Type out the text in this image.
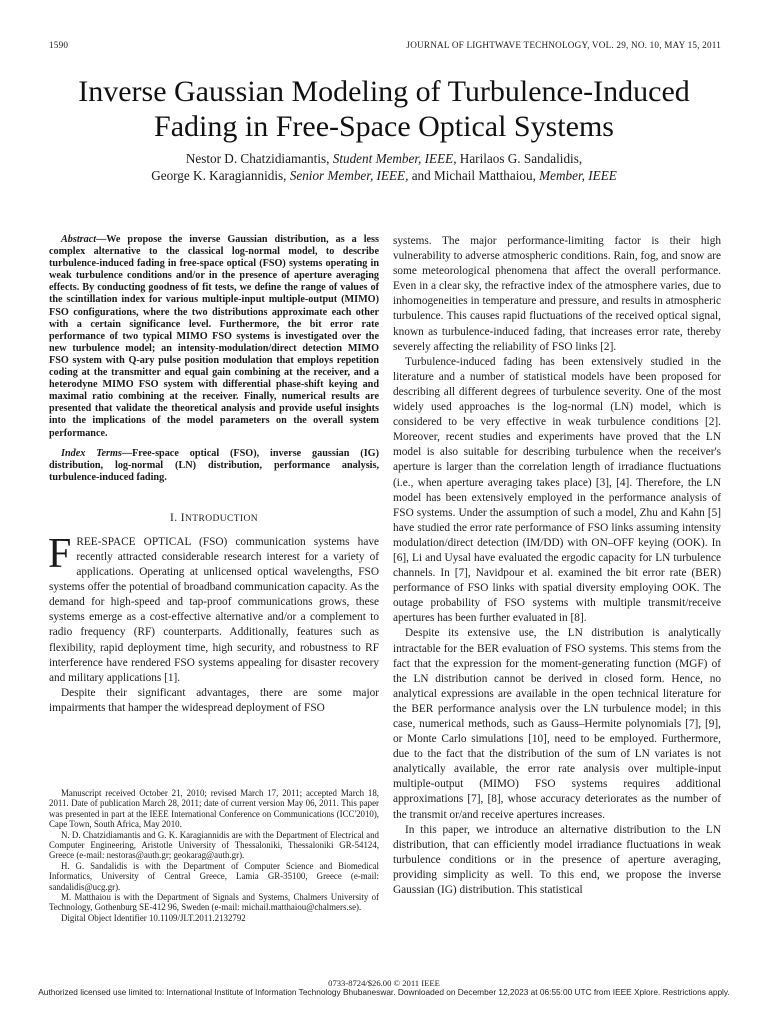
1590	JOURNAL OF LIGHTWAVE TECHNOLOGY, VOL. 29, NO. 10, MAY 15, 2011
Inverse Gaussian Modeling of Turbulence-Induced
Fading in Free-Space Optical Systems
Nestor D. Chatzidiamantis, Student Member, IEEE, Harilaos G. Sandalidis,
George K. Karagiannidis, Senior Member, IEEE, and Michail Matthaiou, Member, IEEE

Abstract—We propose the inverse Gaussian distribution, as a less complex alternative to the classical log-normal model, to describe turbulence-induced fading in free-space optical (FSO) systems operating in weak turbulence conditions and/or in the presence of aperture averaging effects. By conducting goodness of fit tests, we define the range of values of the scintillation index for various multiple-input multiple-output (MIMO) FSO configurations, where the two distributions approximate each other with a certain significance level. Furthermore, the bit error rate performance of two typical MIMO FSO systems is investigated over the new turbulence model; an intensity-modulation/direct detection MIMO FSO system with Q-ary pulse position modulation that employs repetition coding at the transmitter and equal gain combining at the receiver, and a heterodyne MIMO FSO system with differential phase-shift keying and maximal ratio combining at the receiver. Finally, numerical results are presented that validate the theoretical analysis and provide useful insights into the implications of the model parameters on the overall system performance.

Index Terms—Free-space optical (FSO), inverse gaussian (IG) distribution, log-normal (LN) distribution, performance analysis, turbulence-induced fading.

I. INTRODUCTION
FREE-SPACE OPTICAL (FSO) communication systems have recently attracted considerable research interest for a variety of applications. Operating at unlicensed optical wavelengths, FSO systems offer the potential of broadband communication capacity. As the demand for high-speed and tap-proof communications grows, these systems emerge as a cost-effective alternative and/or a complement to radio frequency (RF) counterparts. Additionally, features such as flexibility, rapid deployment time, high security, and robustness to RF interference have rendered FSO systems appealing for disaster recovery and military applications [1].
Despite their significant advantages, there are some major impairments that hamper the widespread deployment of FSO

Manuscript received October 21, 2010; revised March 17, 2011; accepted March 18, 2011. Date of publication March 28, 2011; date of current version May 06, 2011. This paper was presented in part at the IEEE International Conference on Communications (ICC'2010), Cape Town, South Africa, May 2010.

N. D. Chatzidiamantis and G. K. Karagiannidis are with the Department of Electrical and Computer Engineering, Aristotle University of Thessaloniki, Thessaloniki GR-54124, Greece (e-mail: nestoras@auth.gr; geokarag@auth.gr).

H. G. Sandalidis is with the Department of Computer Science and Biomedical Informatics, University of Central Greece, Lamia GR-35100, Greece (e-mail: sandalidis@ucg.gr).

M. Matthaiou is with the Department of Signals and Systems, Chalmers University of Technology, Gothenburg SE-412 96, Sweden (e-mail: michail.matthaiou@chalmers.se).

Digital Object Identifier 10.1109/JLT.2011.2132792

systems. The major performance-limiting factor is their high vulnerability to adverse atmospheric conditions. Rain, fog, and snow are some meteorological phenomena that affect the overall performance. Even in a clear sky, the refractive index of the atmosphere varies, due to inhomogeneities in temperature and pressure, and results in atmospheric turbulence. This causes rapid fluctuations of the received optical signal, known as turbulence-induced fading, that increases error rate, thereby severely affecting the reliability of FSO links [2].

Turbulence-induced fading has been extensively studied in the literature and a number of statistical models have been proposed for describing all different degrees of turbulence severity. One of the most widely used approaches is the log-normal (LN) model, which is considered to be very effective in weak turbulence conditions [2]. Moreover, recent studies and experiments have proved that the LN model is also suitable for describing turbulence when the receiver's aperture is larger than the correlation length of irradiance fluctuations (i.e., when aperture averaging takes place) [3], [4]. Therefore, the LN model has been extensively employed in the performance analysis of FSO systems. Under the assumption of such a model, Zhu and Kahn [5] have studied the error rate performance of FSO links assuming intensity modulation/direct detection (IM/DD) with ON–OFF keying (OOK). In [6], Li and Uysal have evaluated the ergodic capacity for LN turbulence channels. In [7], Navidpour et al. examined the bit error rate (BER) performance of FSO links with spatial diversity employing OOK. The outage probability of FSO systems with multiple transmit/receive apertures has been further evaluated in [8].

Despite its extensive use, the LN distribution is analytically intractable for the BER evaluation of FSO systems. This stems from the fact that the expression for the moment-generating function (MGF) of the LN distribution cannot be derived in closed form. Hence, no analytical expressions are available in the open technical literature for the BER performance analysis over the LN turbulence model; in this case, numerical methods, such as Gauss–Hermite polynomials [7], [9], or Monte Carlo simulations [10], need to be employed. Furthermore, due to the fact that the distribution of the sum of LN variates is not analytically available, the error rate analysis over multiple-input multiple-output (MIMO) FSO systems requires additional approximations [7], [8], whose accuracy deteriorates as the number of the transmit or/and receive apertures increases.

In this paper, we introduce an alternative distribution to the LN distribution, that can efficiently model irradiance fluctuations in weak turbulence conditions or in the presence of aperture averaging, providing simplicity as well. To this end, we propose the inverse Gaussian (IG) distribution. This statistical

0733-8724/$26.00 © 2011 IEEE
Authorized licensed use limited to: International Institute of Information Technology Bhubaneswar. Downloaded on December 12,2023 at 06:55:00 UTC from IEEE Xplore. Restrictions apply.
